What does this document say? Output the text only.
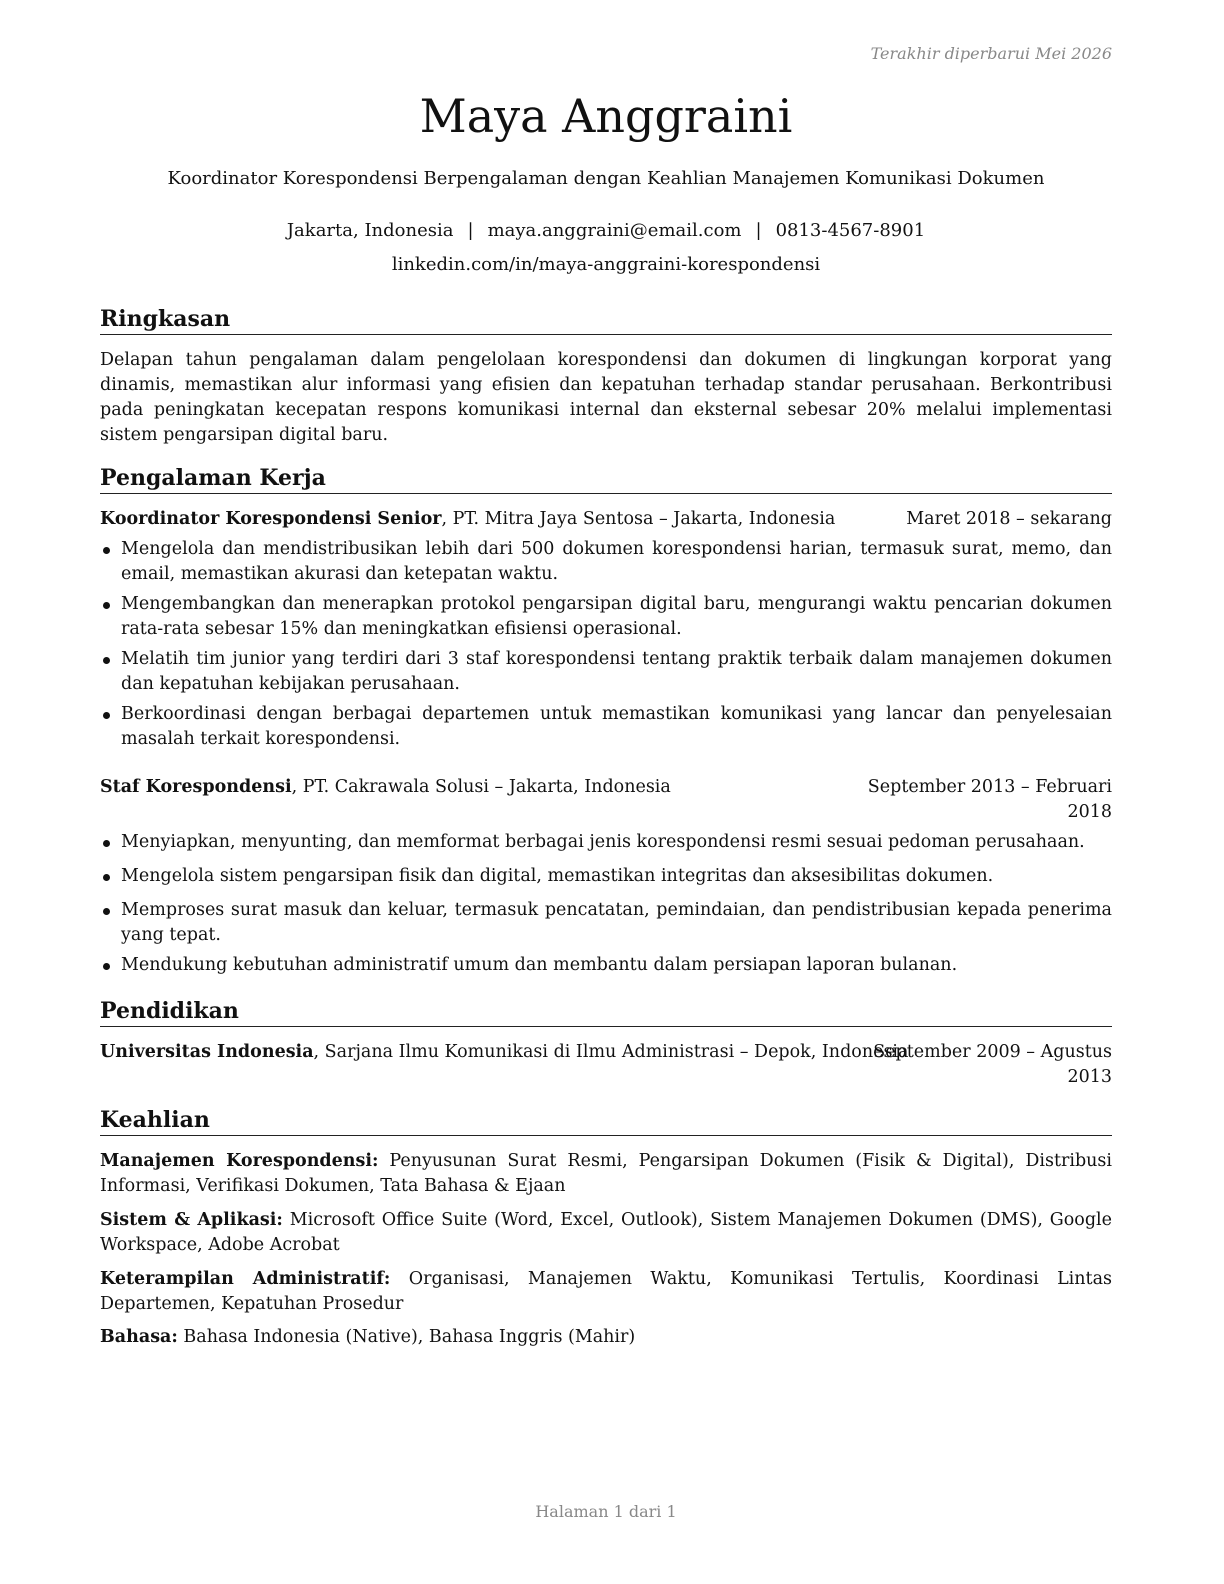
Terakhir diperbarui Mei 2026
Maya Anggraini
Koordinator Korespondensi Berpengalaman dengan Keahlian Manajemen Komunikasi Dokumen
Jakarta, Indonesia | maya.anggraini@email.com | 0813-4567-8901
linkedin.com/in/maya-anggraini-korespondensi
Ringkasan
Delapan tahun pengalaman dalam pengelolaan korespondensi dan dokumen di lingkungan korporat yang dinamis, memastikan alur informasi yang efisien dan kepatuhan terhadap standar perusahaan. Berkontribusi pada peningkatan kecepatan respons komunikasi internal dan eksternal sebesar 20% melalui implementasi sistem pengarsipan digital baru.
Pengalaman Kerja
Koordinator Korespondensi Senior, PT. Mitra Jaya Sentosa – Jakarta, Indonesia	Maret 2018 – sekarang
Mengelola dan mendistribusikan lebih dari 500 dokumen korespondensi harian, termasuk surat, memo, dan email, memastikan akurasi dan ketepatan waktu.
Mengembangkan dan menerapkan protokol pengarsipan digital baru, mengurangi waktu pencarian dokumen rata-rata sebesar 15% dan meningkatkan efisiensi operasional.
Melatih tim junior yang terdiri dari 3 staf korespondensi tentang praktik terbaik dalam manajemen dokumen dan kepatuhan kebijakan perusahaan.
Berkoordinasi dengan berbagai departemen untuk memastikan komunikasi yang lancar dan penyelesaian masalah terkait korespondensi.
Staf Korespondensi, PT. Cakrawala Solusi – Jakarta, Indonesia	September 2013 – Februari
2018
Menyiapkan, menyunting, dan memformat berbagai jenis korespondensi resmi sesuai pedoman perusahaan.
Mengelola sistem pengarsipan fisik dan digital, memastikan integritas dan aksesibilitas dokumen.
Memproses surat masuk dan keluar, termasuk pencatatan, pemindaian, dan pendistribusian kepada penerima yang tepat.
Mendukung kebutuhan administratif umum dan membantu dalam persiapan laporan bulanan.
Pendidikan
Universitas Indonesia, Sarjana Ilmu Komunikasi di Ilmu Administrasi – Depok, Indonesia
September 2009 – Agustus
2013
Keahlian
Manajemen Korespondensi: Penyusunan Surat Resmi, Pengarsipan Dokumen (Fisik & Digital), Distribusi Informasi, Verifikasi Dokumen, Tata Bahasa & Ejaan
Sistem & Aplikasi: Microsoft Office Suite (Word, Excel, Outlook), Sistem Manajemen Dokumen (DMS), Google Workspace, Adobe Acrobat
Keterampilan Administratif: Organisasi, Manajemen Waktu, Komunikasi Tertulis, Koordinasi Lintas Departemen, Kepatuhan Prosedur
Bahasa: Bahasa Indonesia (Native), Bahasa Inggris (Mahir)
Halaman 1 dari 1
